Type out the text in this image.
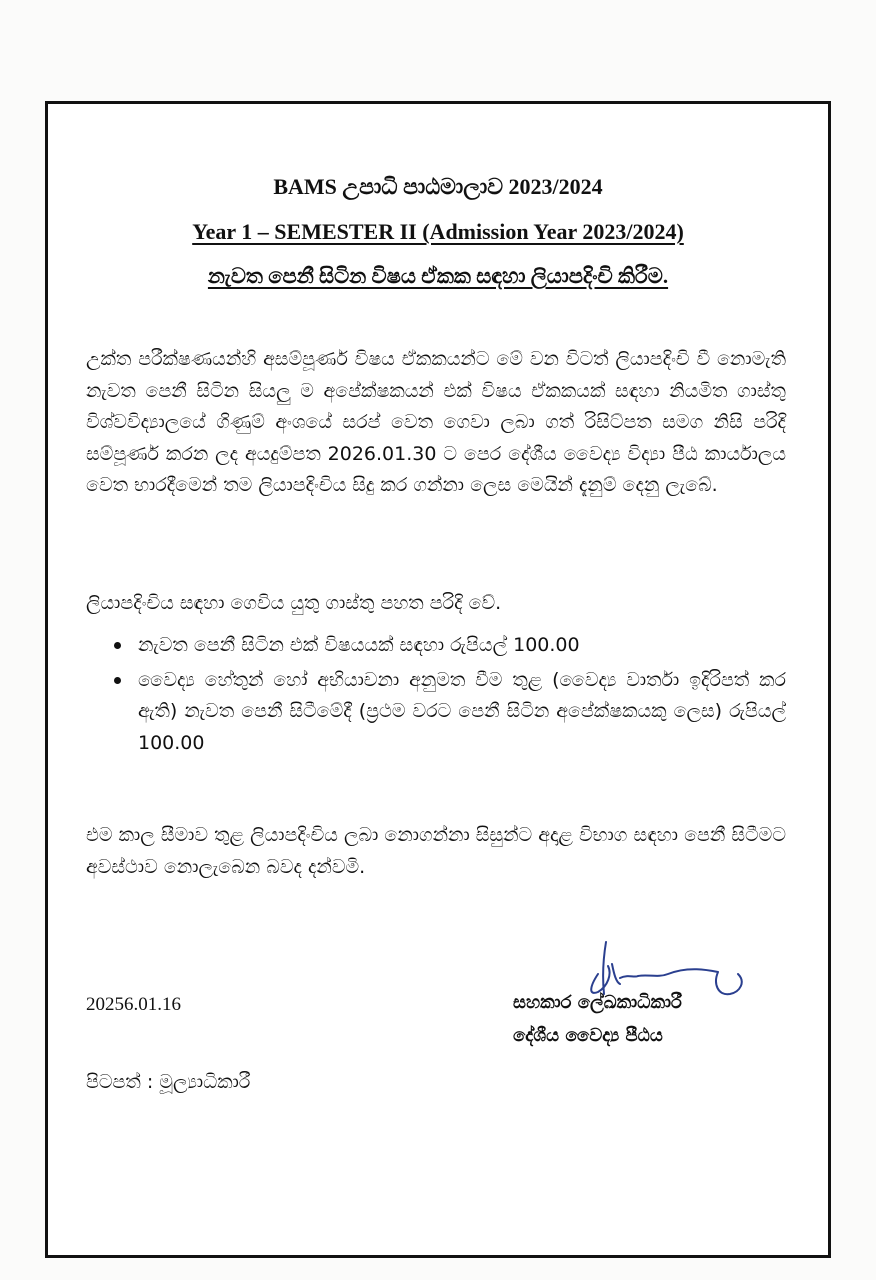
BAMS උපාධි පාඨමාලාව 2023/2024
Year 1 – SEMESTER II (Admission Year 2023/2024)
නැවත පෙනී සිටින විෂය ඒකක සඳහා ලියාපදිංචි කිරීම.
උක්ත පරීක්ෂණයන්හි අසම්පූර්ණ විෂය ඒකකයන්ට මේ වන විටත් ලියාපදිංචි වී නොමැති නැවත පෙනී සිටින සියලු ම අපේක්ෂකයන් එක් විෂය ඒකකයක් සඳහා නියමිත ගාස්තු විශ්වවිද්‍යාලයේ ගිණුම් අංශයේ සරප් වෙත ගෙවා ලබා ගත් රිසිට්පත සමග නිසි පරිදි සම්පූර්ණ කරන ලද අයදුම්පත 2026.01.30 ට පෙර දේශීය වෛද්‍ය විද්‍යා පීඨ කාර්යාලය වෙත භාරදීමෙන් තම ලියාපදිංචිය සිදු කර ගන්නා ලෙස මෙයින් දැනුම් දෙනු ලැබේ.
ලියාපදිංචිය සඳහා ගෙවිය යුතු ගාස්තු පහත පරිදි වේ.
නැවත පෙනී සිටින එක් විෂයයක් සඳහා රුපියල් 100.00
වෛද්‍ය හේතුන් හෝ අභියාචනා අනුමත වීම තුළ (වෛද්‍ය වාර්තා ඉදිරිපත් කර ඇති) නැවත පෙනී සිටීමේදී (ප්‍රථම වරට පෙනී සිටින අපේක්ෂකයකු ලෙස) රුපියල් 100.00
එම කාල සීමාව තුළ ලියාපදිංචිය ලබා නොගන්නා සිසුන්ට අදාළ විභාග සඳහා පෙනී සිටීමට අවස්ථාව නොලැබෙන බවද දන්වමි.
20256.01.16	සහකාර ලේඛකාධිකාරී
දේශීය වෛද්‍ය පීඨය
පිටපත් : මූල්‍යාධිකාරී
